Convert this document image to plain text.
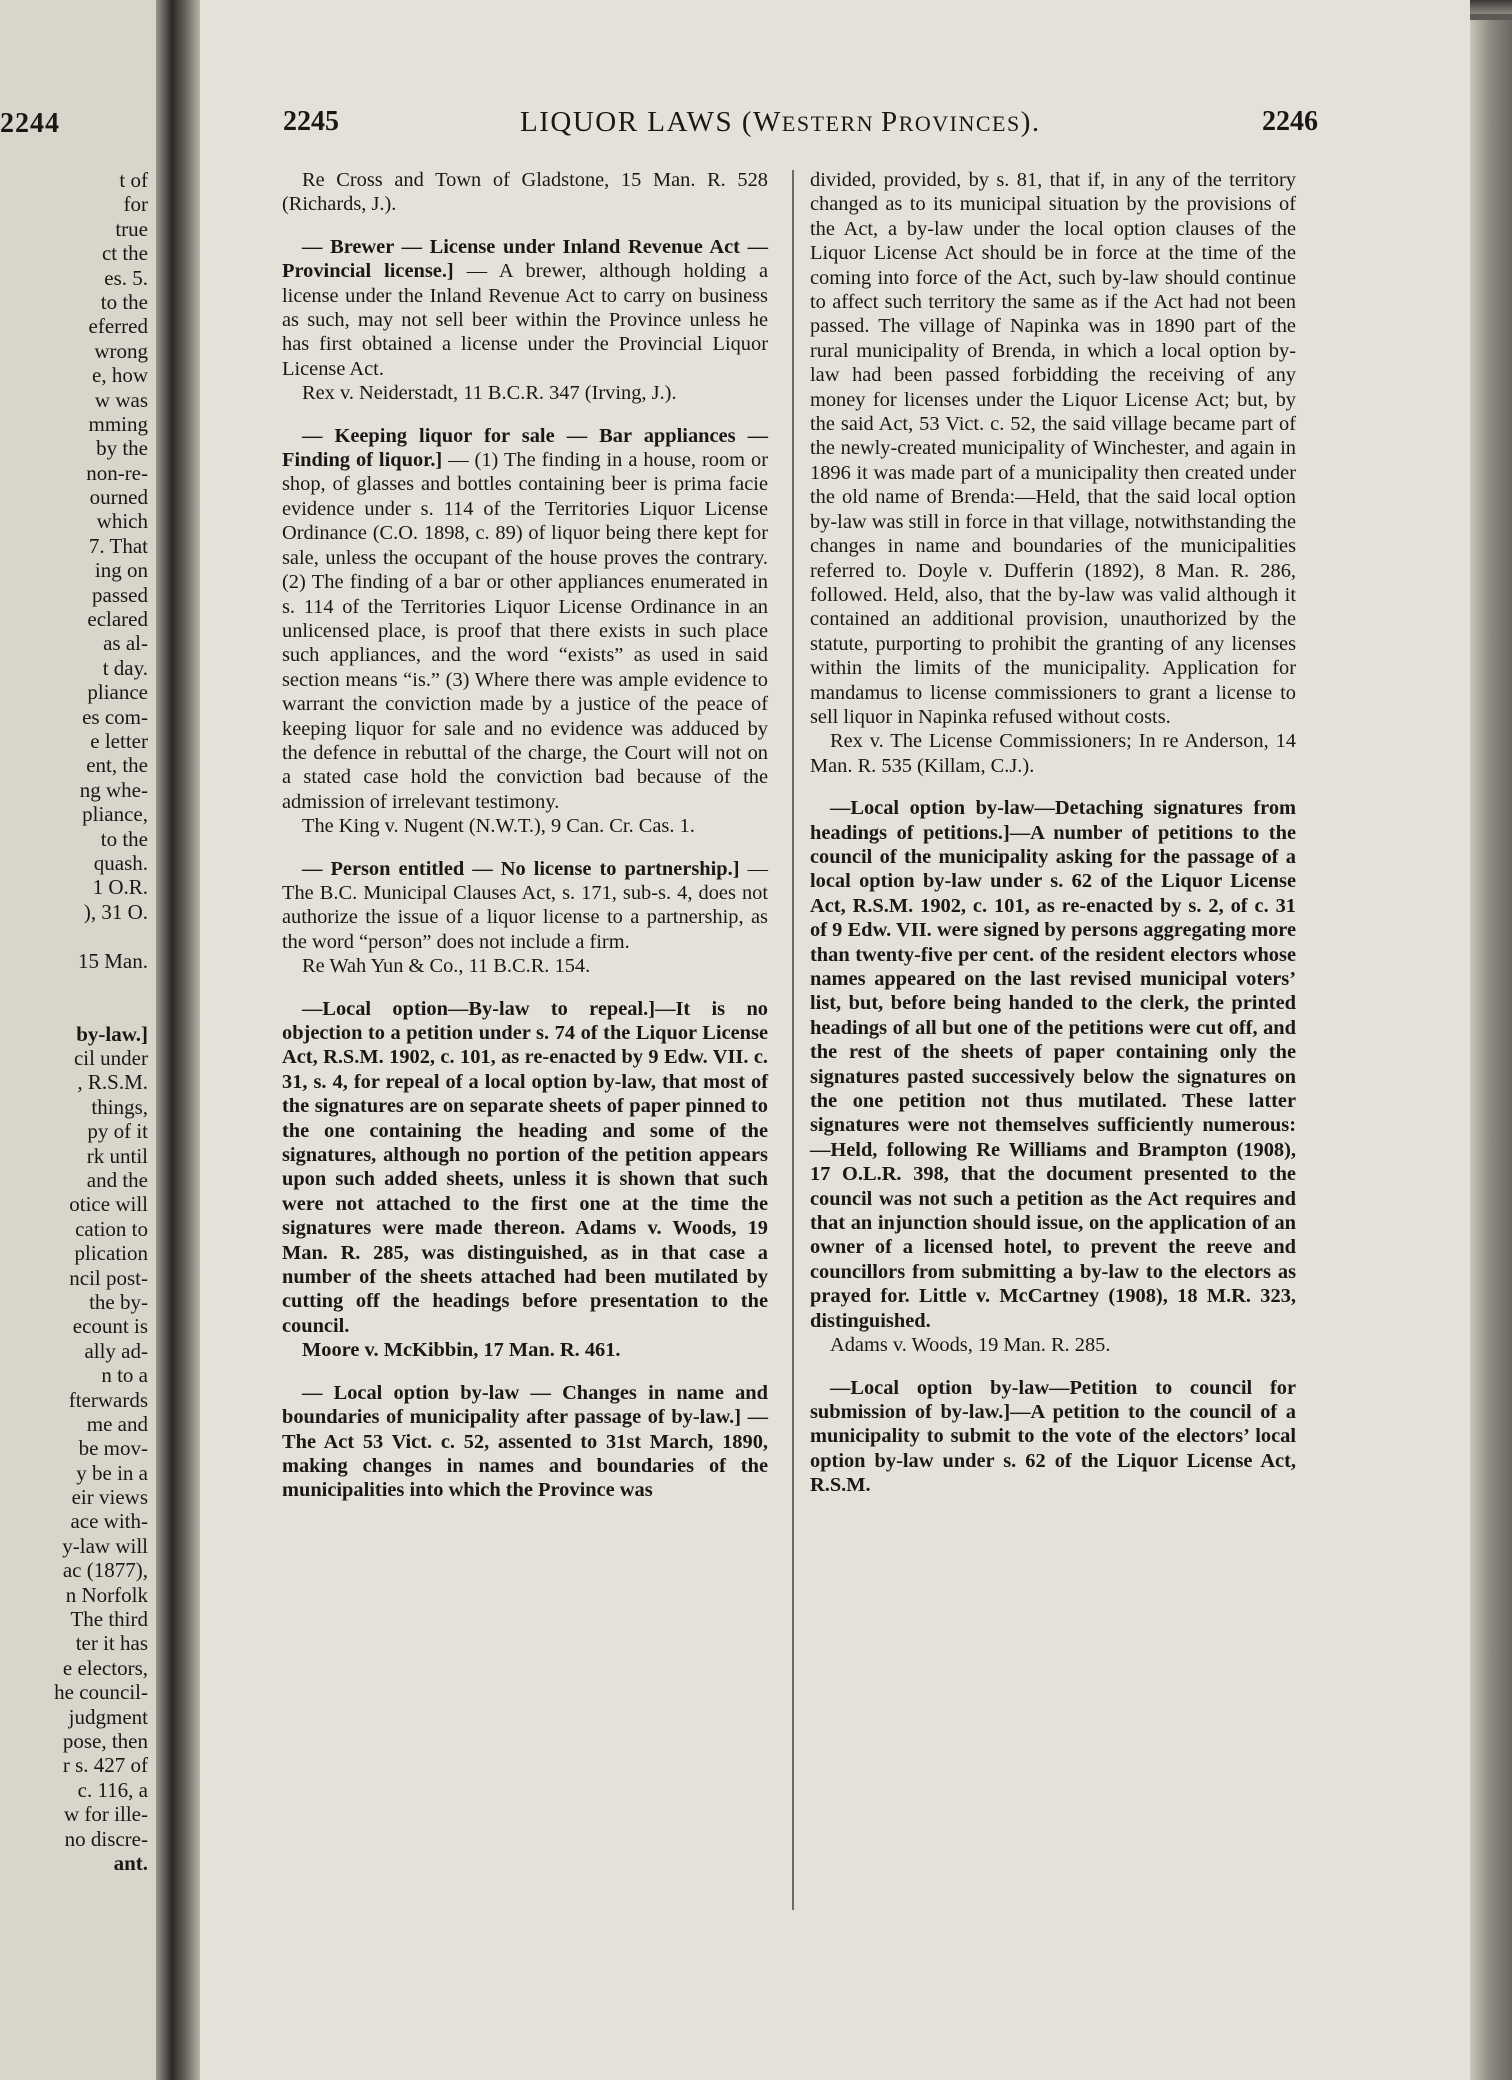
2244
t of
for
true
ct the
es. 5.
to the
eferred
wrong
e, how
w was
mming
by the
non-re-
ourned
which
7. That
ing on
passed
eclared
as al-
t day.
pliance
es com-
e letter
ent, the
ng whe-
pliance,
to the
quash.
1 O.R.
), 31 O.
15 Man.
by-law.]
cil under
, R.S.M.
things,
py of it
rk until
and the
otice will
cation to
plication
ncil post-
the by-
ecount is
ally ad-
n to a
fterwards
me and
be mov-
y be in a
eir views
ace with-
y-law will
ac (1877),
n Norfolk
The third
ter it has
e electors,
he council-
judgment
pose, then
r s. 427 of
c. 116, a
w for ille-
no discre-
ant.
2245	LIQUOR LAWS (WESTERN PROVINCES).	2246

Re Cross and Town of Gladstone, 15 Man. R. 528 (Richards, J.).

— Brewer — License under Inland Revenue Act — Provincial license.] — A brewer, although holding a license under the Inland Revenue Act to carry on business as such, may not sell beer within the Province unless he has first obtained a license under the Provincial Liquor License Act.

Rex v. Neiderstadt, 11 B.C.R. 347 (Irving, J.).

— Keeping liquor for sale — Bar appliances — Finding of liquor.] — (1) The finding in a house, room or shop, of glasses and bottles containing beer is prima facie evidence under s. 114 of the Territories Liquor License Ordinance (C.O. 1898, c. 89) of liquor being there kept for sale, unless the occupant of the house proves the contrary. (2) The finding of a bar or other appliances enumerated in s. 114 of the Territories Liquor License Ordinance in an unlicensed place, is proof that there exists in such place such appliances, and the word “exists” as used in said section means “is.” (3) Where there was ample evidence to warrant the conviction made by a justice of the peace of keeping liquor for sale and no evidence was adduced by the defence in rebuttal of the charge, the Court will not on a stated case hold the conviction bad because of the admission of irrelevant testimony.

The King v. Nugent (N.W.T.), 9 Can. Cr. Cas. 1.

— Person entitled — No license to partnership.] — The B.C. Municipal Clauses Act, s. 171, sub-s. 4, does not authorize the issue of a liquor license to a partnership, as the word “person” does not include a firm.

Re Wah Yun & Co., 11 B.C.R. 154.

—Local option—By-law to repeal.]—It is no objection to a petition under s. 74 of the Liquor License Act, R.S.M. 1902, c. 101, as re-enacted by 9 Edw. VII. c. 31, s. 4, for repeal of a local option by-law, that most of the signatures are on separate sheets of paper pinned to the one containing the heading and some of the signatures, although no portion of the petition appears upon such added sheets, unless it is shown that such were not attached to the first one at the time the signatures were made thereon. Adams v. Woods, 19 Man. R. 285, was distinguished, as in that case a number of the sheets attached had been mutilated by cutting off the headings before presentation to the council.

Moore v. McKibbin, 17 Man. R. 461.

— Local option by-law — Changes in name and boundaries of municipality after passage of by-law.] — The Act 53 Vict. c. 52, assented to 31st March, 1890, making changes in names and boundaries of the municipalities into which the Province was

divided, provided, by s. 81, that if, in any of the territory changed as to its municipal situation by the provisions of the Act, a by-law under the local option clauses of the Liquor License Act should be in force at the time of the coming into force of the Act, such by-law should continue to affect such territory the same as if the Act had not been passed. The village of Napinka was in 1890 part of the rural municipality of Brenda, in which a local option by-law had been passed forbidding the receiving of any money for licenses under the Liquor License Act; but, by the said Act, 53 Vict. c. 52, the said village became part of the newly-created municipality of Winchester, and again in 1896 it was made part of a municipality then created under the old name of Brenda:—Held, that the said local option by-law was still in force in that village, notwithstanding the changes in name and boundaries of the municipalities referred to. Doyle v. Dufferin (1892), 8 Man. R. 286, followed. Held, also, that the by-law was valid although it contained an additional provision, unauthorized by the statute, purporting to prohibit the granting of any licenses within the limits of the municipality. Application for mandamus to license commissioners to grant a license to sell liquor in Napinka refused without costs.

Rex v. The License Commissioners; In re Anderson, 14 Man. R. 535 (Killam, C.J.).

—Local option by-law—Detaching signatures from headings of petitions.]—A number of petitions to the council of the municipality asking for the passage of a local option by-law under s. 62 of the Liquor License Act, R.S.M. 1902, c. 101, as re-enacted by s. 2, of c. 31 of 9 Edw. VII. were signed by persons aggregating more than twenty-five per cent. of the resident electors whose names appeared on the last revised municipal voters’ list, but, before being handed to the clerk, the printed headings of all but one of the petitions were cut off, and the rest of the sheets of paper containing only the signatures pasted successively below the signatures on the one petition not thus mutilated. These latter signatures were not themselves sufficiently numerous:—Held, following Re Williams and Brampton (1908), 17 O.L.R. 398, that the document presented to the council was not such a petition as the Act requires and that an injunction should issue, on the application of an owner of a licensed hotel, to prevent the reeve and councillors from submitting a by-law to the electors as prayed for. Little v. McCartney (1908), 18 M.R. 323, distinguished.

Adams v. Woods, 19 Man. R. 285.

—Local option by-law—Petition to council for submission of by-law.]—A petition to the council of a municipality to submit to the vote of the electors’ local option by-law under s. 62 of the Liquor License Act, R.S.M.
